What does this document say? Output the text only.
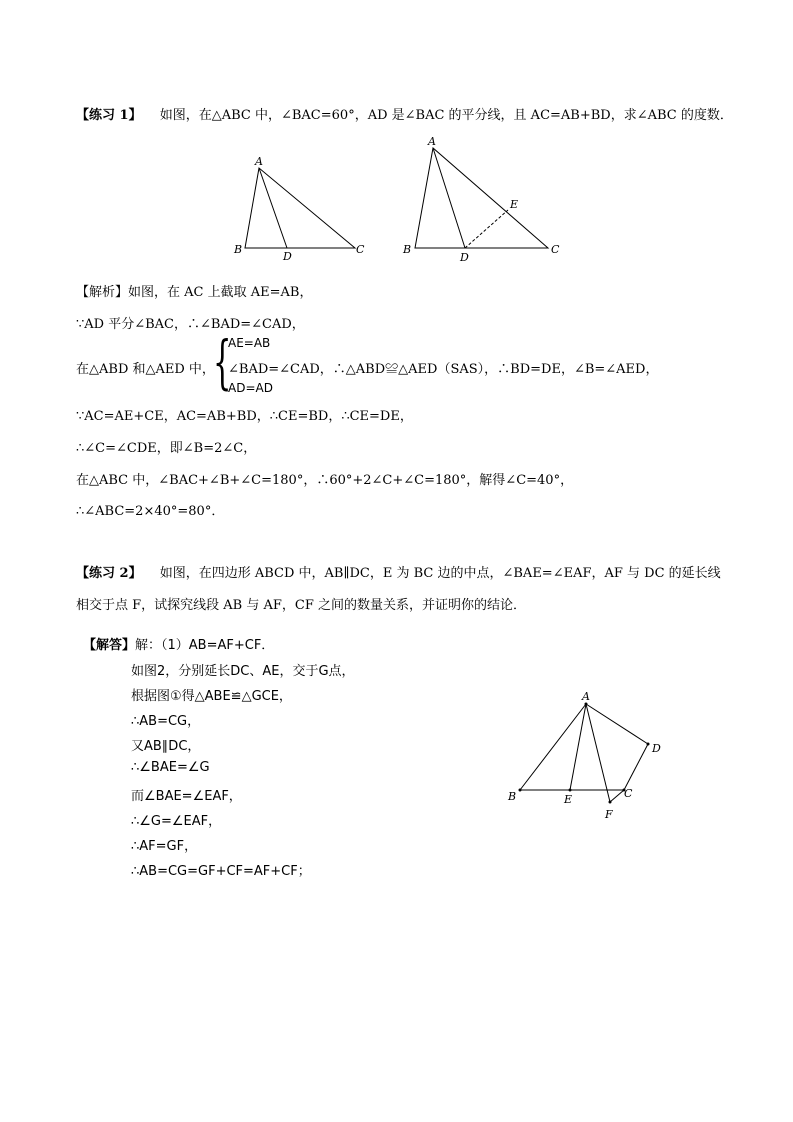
【练习 1】 如图，在△ABC 中，∠BAC=60°，AD 是∠BAC 的平分线，且 AC=AB+BD，求∠ABC 的度数．
A
B
D
C
A
B
D
E
C
【解析】如图，在 AC 上截取 AE=AB，
∵AD 平分∠BAC，∴∠BAD=∠CAD，
在△ABD 和△AED 中，
{
AE=AB
∠BAD=∠CAD，∴△ABD≌△AED（SAS），∴BD=DE，∠B=∠AED，
AD=AD
∵AC=AE+CE，AC=AB+BD，∴CE=BD，∴CE=DE，
∴∠C=∠CDE，即∠B=2∠C，
在△ABC 中，∠BAC+∠B+∠C=180°，∴60°+2∠C+∠C=180°，解得∠C=40°，
∴∠ABC=2×40°=80°．
【练习 2】 如图，在四边形 ABCD 中，AB∥DC，E 为 BC 边的中点，∠BAE=∠EAF，AF 与 DC 的延长线
相交于点 F，试探究线段 AB 与 AF，CF 之间的数量关系，并证明你的结论．
【解答】解：（1）AB=AF+CF．
如图2，分别延长DC、AE，交于G点，
根据图①得△ABE≌△GCE，
∴AB=CG，
又AB∥DC，
∴∠BAE=∠G
而∠BAE=∠EAF，
∴∠G=∠EAF，
∴AF=GF，
∴AB=CG=GF+CF=AF+CF；
A
B	E	C
D
F
